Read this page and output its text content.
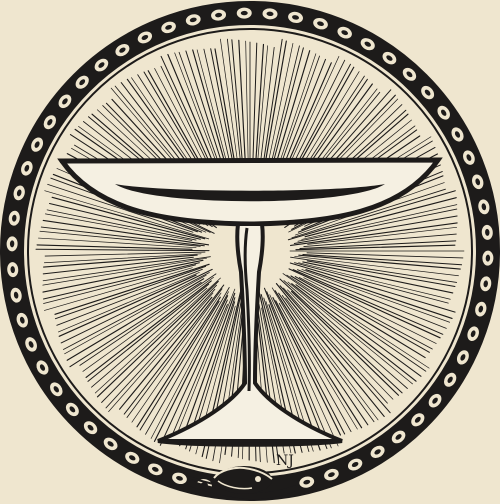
NJ
